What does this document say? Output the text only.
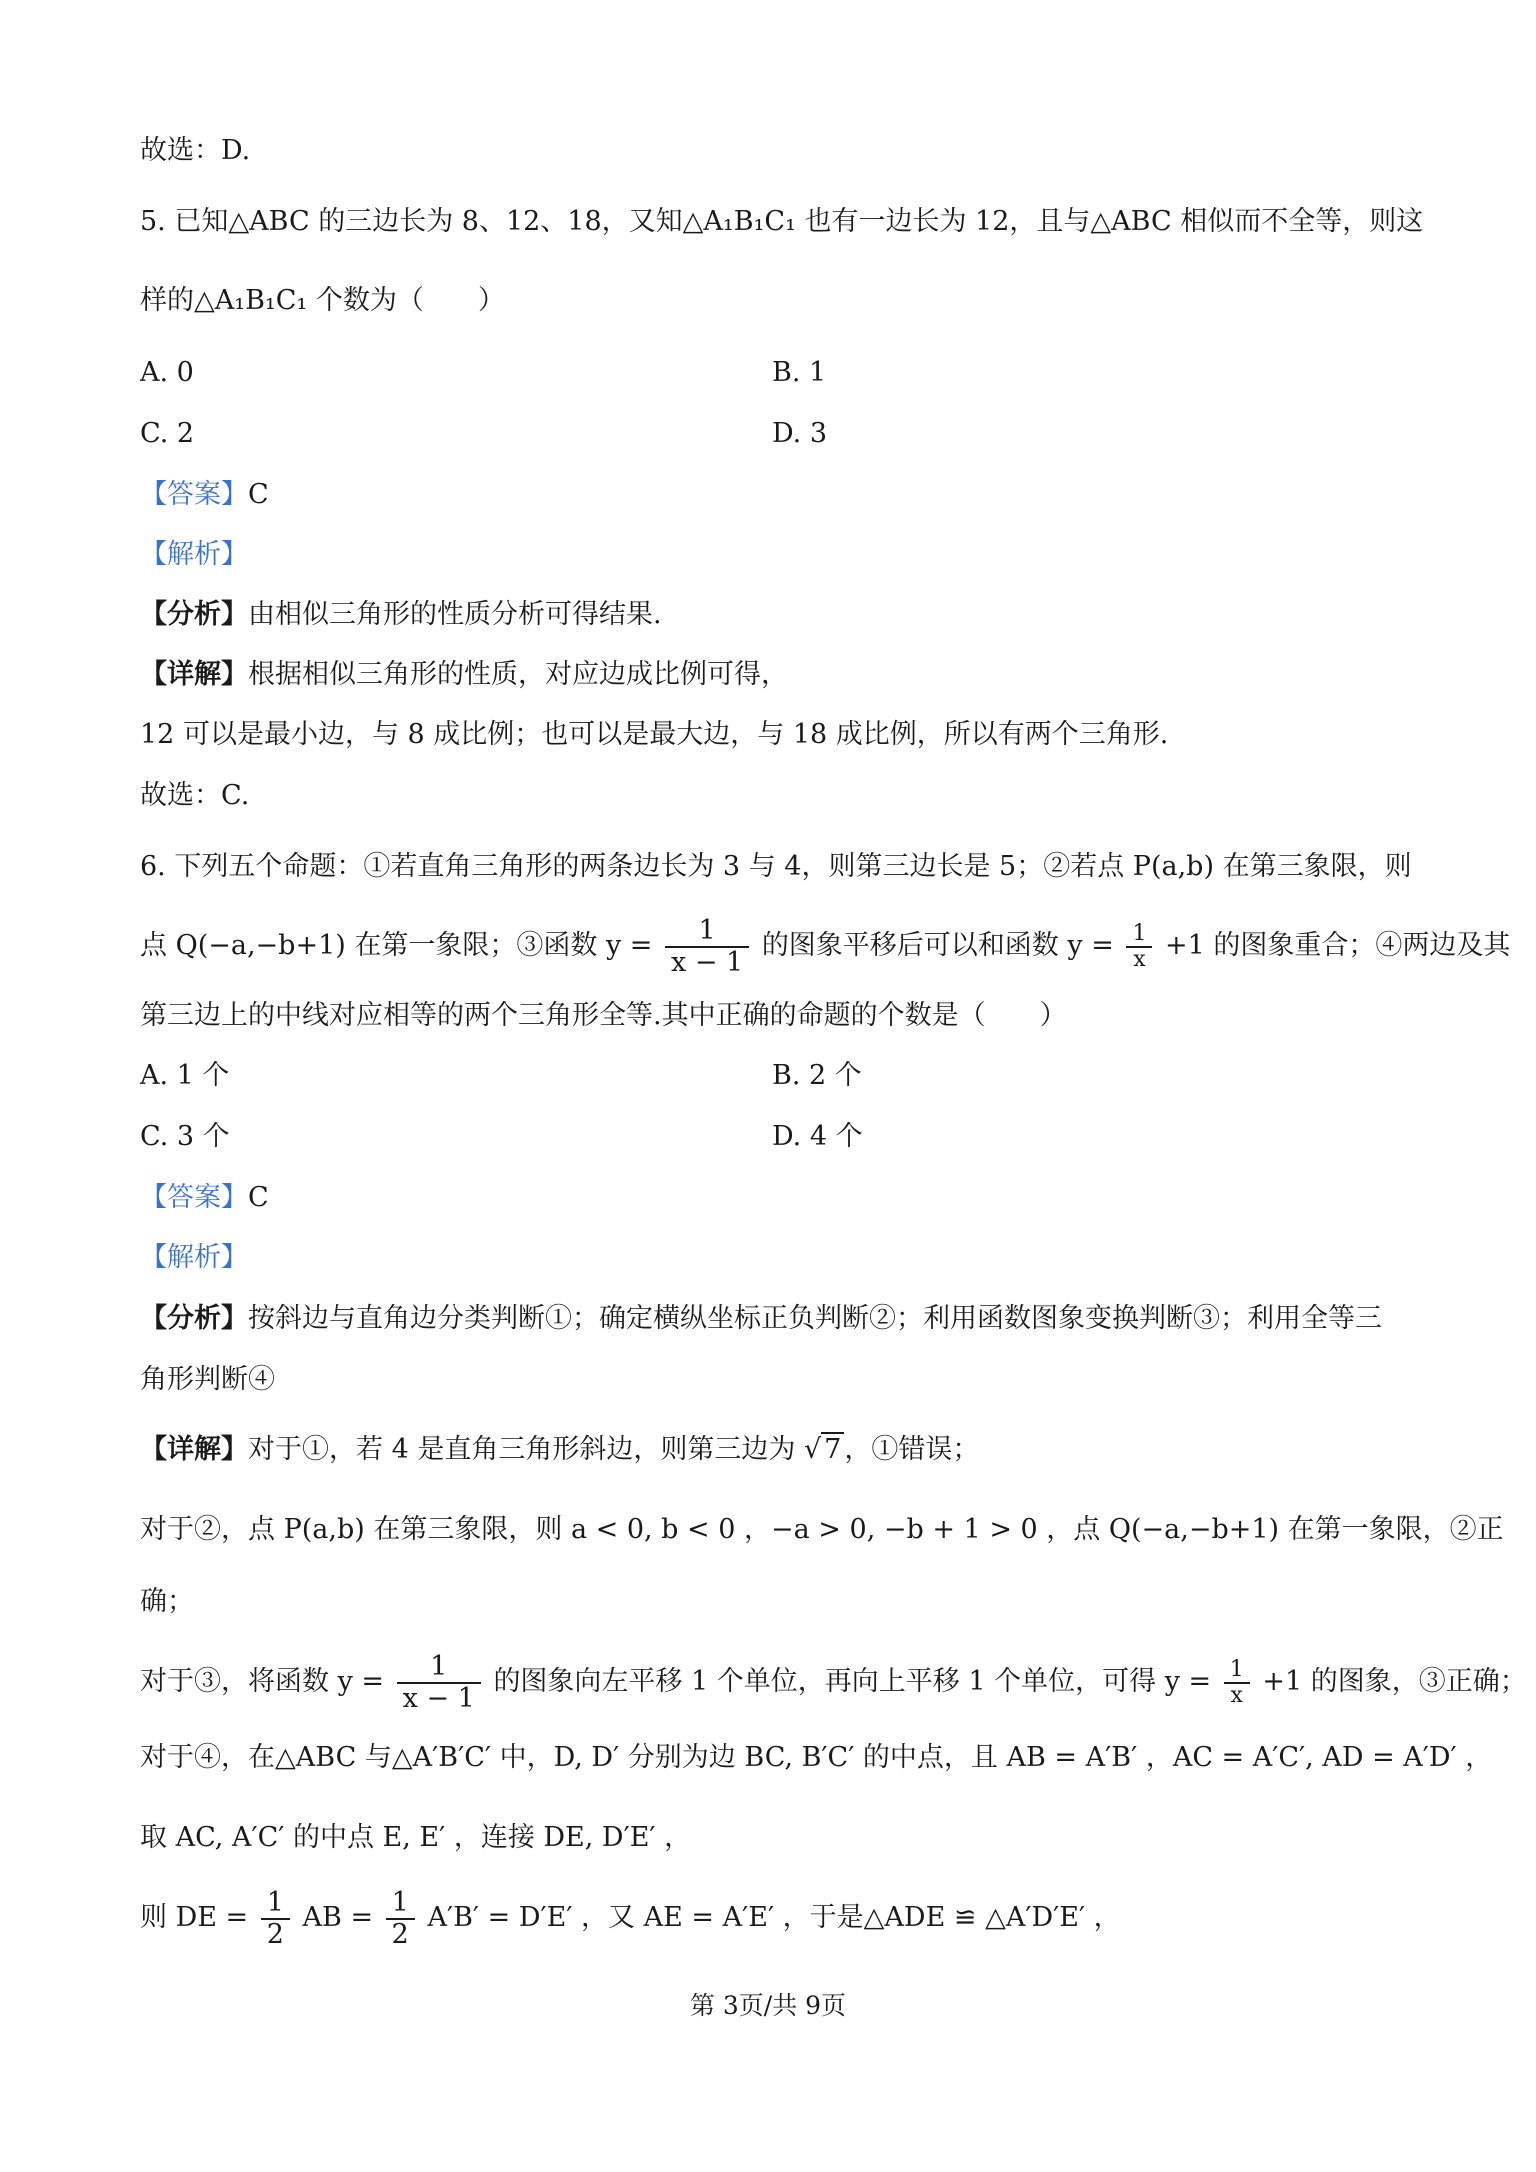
故选：D.
5. 已知△ABC 的三边长为 8、12、18，又知△A₁B₁C₁ 也有一边长为 12，且与△ABC 相似而不全等，则这
样的△A₁B₁C₁ 个数为（　　）
A. 0	B. 1
C. 2	D. 3
【答案】C
【解析】
【分析】由相似三角形的性质分析可得结果.
【详解】根据相似三角形的性质，对应边成比例可得，
12 可以是最小边，与 8 成比例；也可以是最大边，与 18 成比例，所以有两个三角形.
故选：C.
6. 下列五个命题：①若直角三角形的两条边长为 3 与 4，则第三边长是 5；②若点 P(a,b) 在第三象限，则
点 Q(−a,−b+1) 在第一象限；③函数 $y = \frac{1}{x - 1}$ 的图象平移后可以和函数 $y = \frac{1}{x} +1$ 的图象重合；④两边及其
第三边上的中线对应相等的两个三角形全等.其中正确的命题的个数是（　　）
A. 1 个	B. 2 个
C. 3 个	D. 4 个
【答案】C
【解析】
【分析】按斜边与直角边分类判断①；确定横纵坐标正负判断②；利用函数图象变换判断③；利用全等三
角形判断④
【详解】对于①，若 4 是直角三角形斜边，则第三边为 √ 7 ，①错误；
对于②，点 P(a,b) 在第三象限，则 a < 0, b < 0 ，−a > 0, −b + 1 > 0 ，点 Q(−a,−b+1) 在第一象限，②正
确；
对于③，将函数 $y = \frac{1}{x - 1}$ 的图象向左平移 1 个单位，再向上平移 1 个单位，可得 $y = \frac{1}{x} +1$ 的图象，③正确；
对于④，在△ABC 与△A′B′C′ 中，D, D′ 分别为边 BC, B′C′ 的中点，且 AB = A′B′ ，AC = A′C′, AD = A′D′ ，
取 AC, A′C′ 的中点 E, E′ ，连接 DE, D′E′ ，
则 DE = $\frac{1}{2}$ AB = $\frac{1}{2} A'B' = D'E'$ ，又 AE = A′E′ ，于是△ADE ≌ △A′D′E′ ，
第 3页/共 9页
